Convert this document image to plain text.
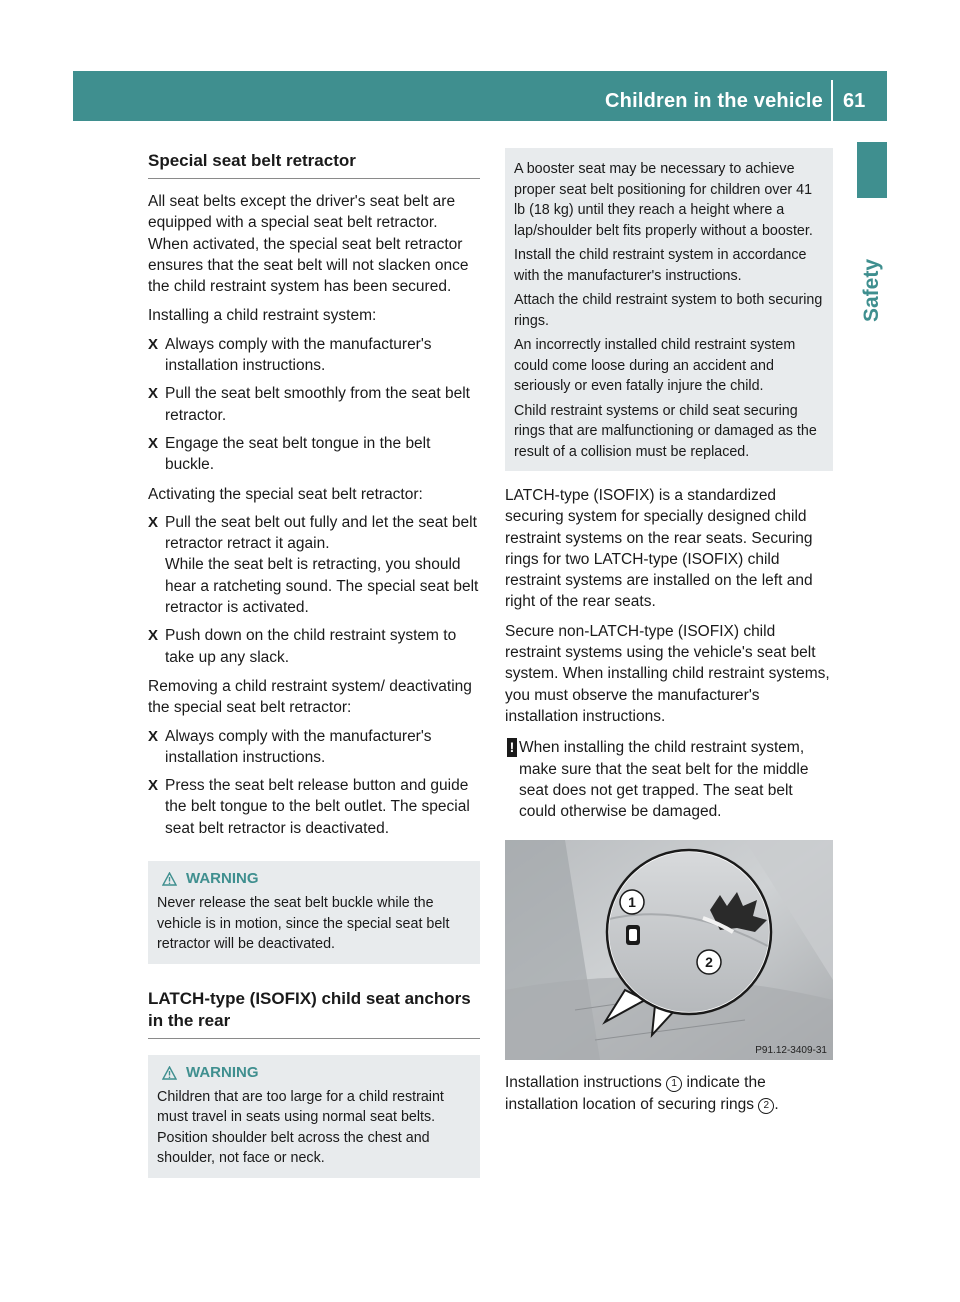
Children in the vehicle 61
Safety

Special seat belt retractor

All seat belts except the driver's seat belt are equipped with a special seat belt retractor. When activated, the special seat belt retractor ensures that the seat belt will not slacken once the child restraint system has been secured.

Installing a child restraint system:

X Always comply with the manufacturer's installation instructions.
X Pull the seat belt smoothly from the seat belt retractor.
X Engage the seat belt tongue in the belt buckle.

Activating the special seat belt retractor:

X Pull the seat belt out fully and let the seat belt retractor retract it again.
While the seat belt is retracting, you should hear a ratcheting sound. The special seat belt retractor is activated.
X Push down on the child restraint system to take up any slack.

Removing a child restraint system/ deactivating the special seat belt retractor:

X Always comply with the manufacturer's installation instructions.
X Press the seat belt release button and guide the belt tongue to the belt outlet. The special seat belt retractor is deactivated.
WARNING

Never release the seat belt buckle while the vehicle is in motion, since the special seat belt retractor will be deactivated.

LATCH-type (ISOFIX) child seat anchors in the rear

WARNING

Children that are too large for a child restraint must travel in seats using normal seat belts. Position shoulder belt across the chest and shoulder, not face or neck.

A booster seat may be necessary to achieve proper seat belt positioning for children over 41 lb (18 kg) until they reach a height where a lap/shoulder belt fits properly without a booster.

Install the child restraint system in accordance with the manufacturer's instructions.

Attach the child restraint system to both securing rings.

An incorrectly installed child restraint system could come loose during an accident and seriously or even fatally injure the child.

Child restraint systems or child seat securing rings that are malfunctioning or damaged as the result of a collision must be replaced.

LATCH-type (ISOFIX) is a standardized securing system for specially designed child restraint systems on the rear seats. Securing rings for two LATCH-type (ISOFIX) child restraint systems are installed on the left and right of the rear seats.

Secure non-LATCH-type (ISOFIX) child restraint systems using the vehicle's seat belt system. When installing child restraint systems, you must observe the manufacturer's installation instructions.

! When installing the child restraint system, make sure that the seat belt for the middle seat does not get trapped. The seat belt could otherwise be damaged.

1
2
P91.12-3409-31

Installation instructions 1 indicate the installation location of securing rings 2 .
